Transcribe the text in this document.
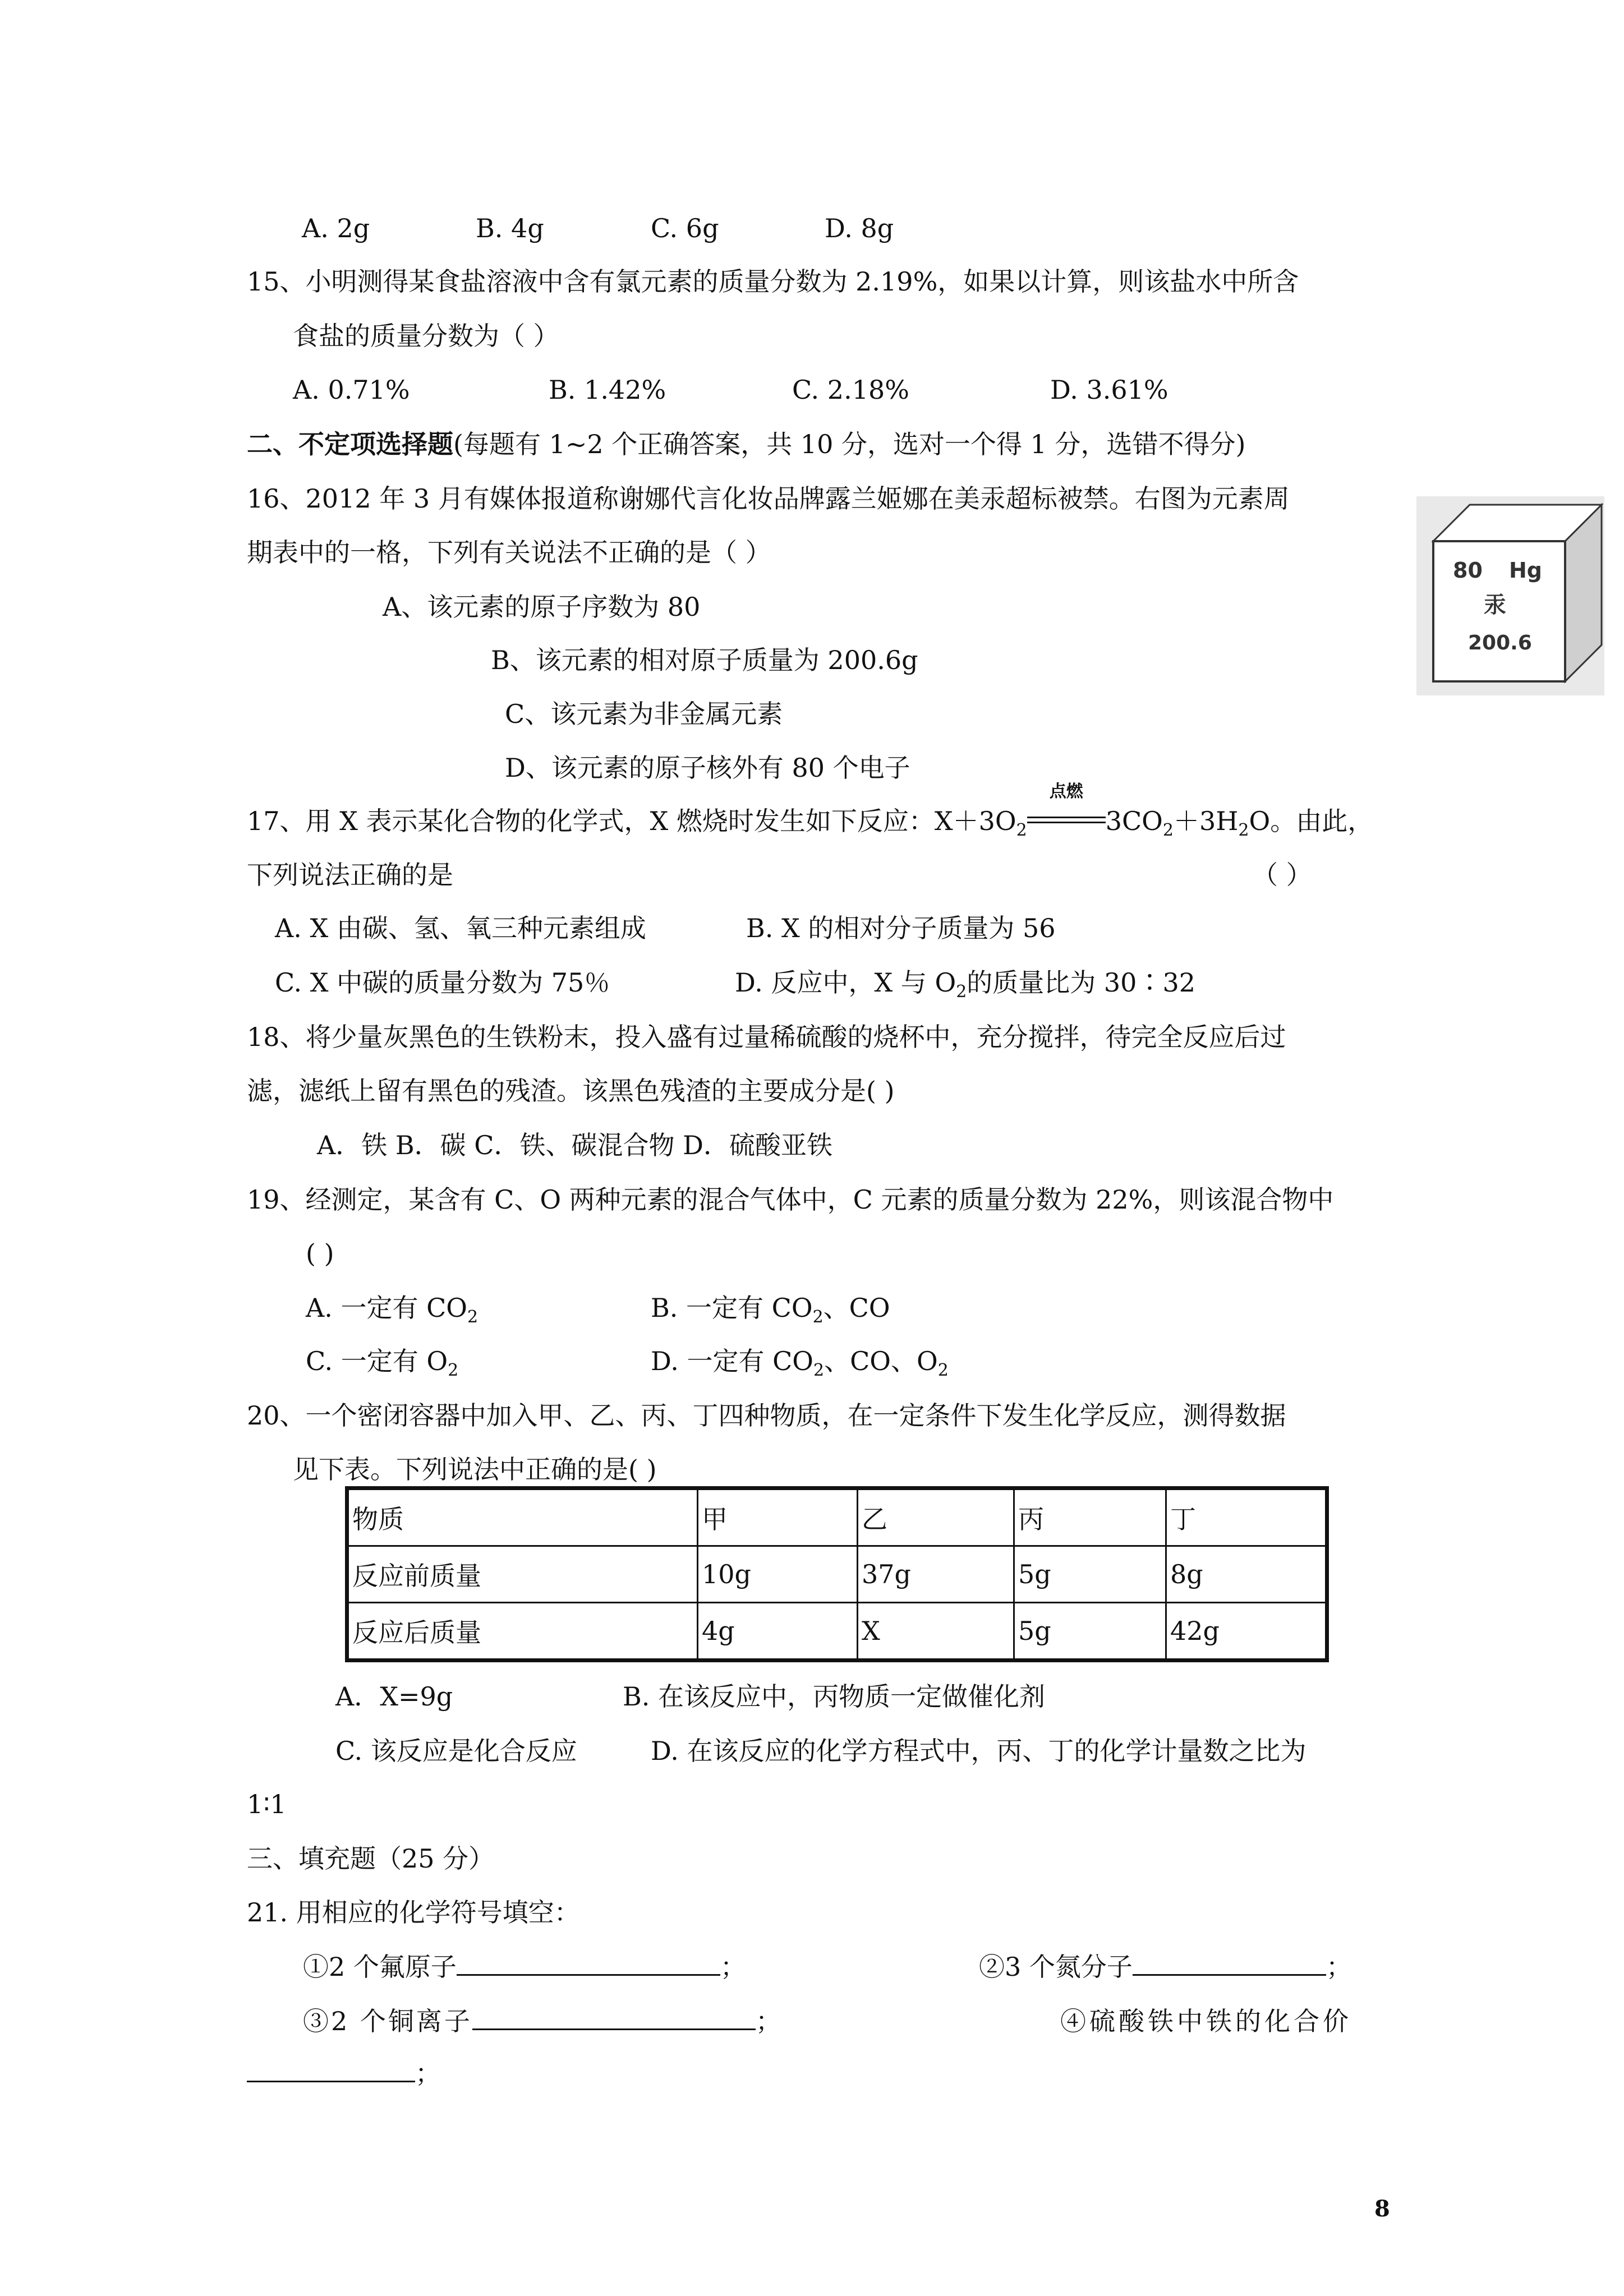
A. 2g	B. 4g	C. 6g	D. 8g
15、小明测得某食盐溶液中含有氯元素的质量分数为 2.19%，如果以计算，则该盐水中所含
食盐的质量分数为（ ）
A. 0.71%	B. 1.42%	C. 2.18%	D. 3.61%
二、不定项选择题(每题有 1~2 个正确答案，共 10 分，选对一个得 1 分，选错不得分)
16、2012 年 3 月有媒体报道称谢娜代言化妆品牌露兰姬娜在美汞超标被禁。右图为元素周
期表中的一格，下列有关说法不正确的是（ ）
A、该元素的原子序数为 80
B、该元素的相对原子质量为 200.6g
C、该元素为非金属元素
D、该元素的原子核外有 80 个电子
80 Hg
汞
200.6
17、用 X 表示某化合物的化学式，X 燃烧时发生如下反应：$X+3O_2$
点燃
$3CO_2+3H_2O$。由此，
下列说法正确的是	（ ）
A. X 由碳、氢、氧三种元素组成	B. X 的相对分子质量为 56
C. X 中碳的质量分数为 75％	D. 反应中，X 与 $O_2$的质量比为 30∶32
18、将少量灰黑色的生铁粉末，投入盛有过量稀硫酸的烧杯中，充分搅拌，待完全反应后过
滤，滤纸上留有黑色的残渣。该黑色残渣的主要成分是( )
A．铁 B．碳 C．铁、碳混合物 D．硫酸亚铁
19、经测定，某含有 C、O 两种元素的混合气体中，C 元素的质量分数为 22%，则该混合物中
( )
A. 一定有 $CO_2$	B. 一定有 $CO_2$、CO
C. 一定有 $O_2$	D. 一定有 $CO_2$、CO、$O_2$
20、一个密闭容器中加入甲、乙、丙、丁四种物质，在一定条件下发生化学反应，测得数据
见下表。下列说法中正确的是( )
物质	甲	乙	丙	丁
反应前质量	10g	37g	5g	8g
反应后质量	4g	X	5g	42g
A．X=9g	B. 在该反应中，丙物质一定做催化剂
C. 该反应是化合反应	D. 在该反应的化学方程式中，丙、丁的化学计量数之比为
1∶1
三、填充题（25 分）
21. 用相应的化学符号填空：
①2 个氟原子	；	②3 个氮分子	；
③2 个铜离子	；	④硫酸铁中铁的化合价
；
8
